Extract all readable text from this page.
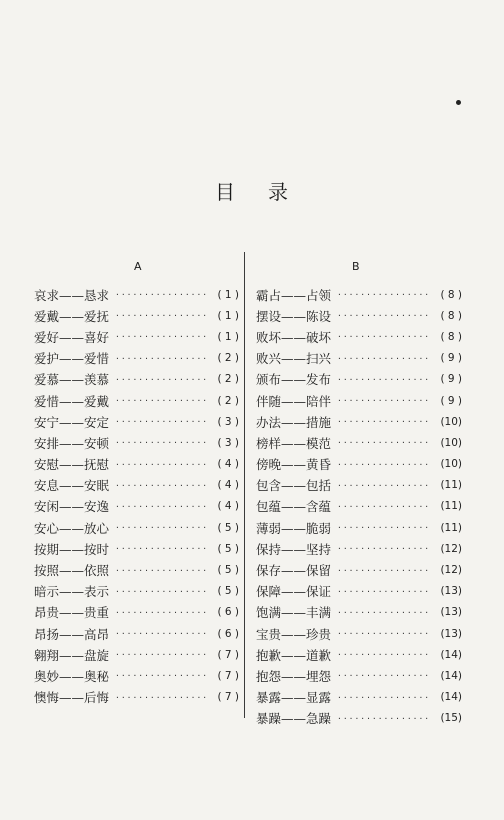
目 录
A
哀求——恳求 ················ ( 1 )
爱戴——爱抚 ················ ( 1 )
爱好——喜好 ················ ( 1 )
爱护——爱惜 ················ ( 2 )
爱慕——羡慕 ················ ( 2 )
爱惜——爱戴 ················ ( 2 )
安宁——安定 ················ ( 3 )
安排——安顿 ················ ( 3 )
安慰——抚慰 ················ ( 4 )
安息——安眠 ················ ( 4 )
安闲——安逸 ················ ( 4 )
安心——放心 ················ ( 5 )
按期——按时 ················ ( 5 )
按照——依照 ················ ( 5 )
暗示——表示 ················ ( 5 )
昂贵——贵重 ················ ( 6 )
昂扬——高昂 ················ ( 6 )
翱翔——盘旋 ················ ( 7 )
奥妙——奥秘 ················ ( 7 )
懊悔——后悔 ················ ( 7 )
B
霸占——占领 ················ ( 8 )
摆设——陈设 ················ ( 8 )
败坏——破坏 ················ ( 8 )
败兴——扫兴 ················ ( 9 )
颁布——发布 ················ ( 9 )
伴随——陪伴 ················ ( 9 )
办法——措施 ················ (10)
榜样——模范 ················ (10)
傍晚——黄昏 ················ (10)
包含——包括 ················ (11)
包蕴——含蕴 ················ (11)
薄弱——脆弱 ················ (11)
保持——坚持 ················ (12)
保存——保留 ················ (12)
保障——保证 ················ (13)
饱满——丰满 ················ (13)
宝贵——珍贵 ················ (13)
抱歉——道歉 ················ (14)
抱怨——埋怨 ················ (14)
暴露——显露 ················ (14)
暴躁——急躁 ················ (15)
